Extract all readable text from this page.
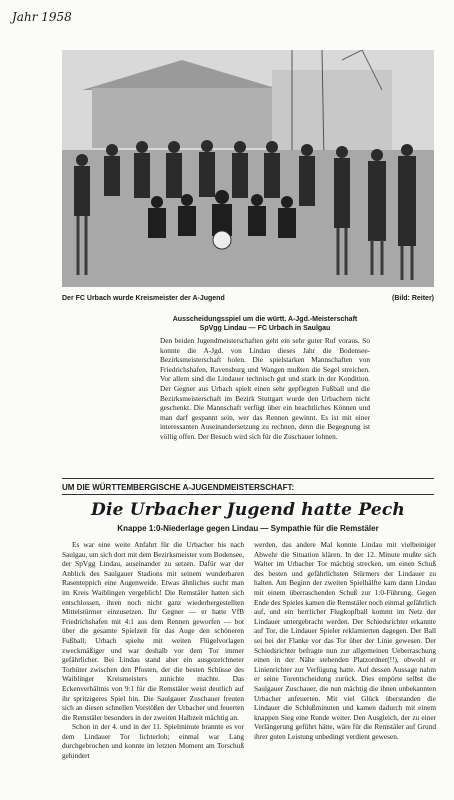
Jahr 1958
Der FC Urbach wurde Kreismeister der A-Jugend	(Bild: Reiter)
Ausscheidungsspiel um die württ. A-Jgd.-Meisterschaft
SpVgg Lindau — FC Urbach in Saulgau
Den beiden Jugendmeisterschaften geht ein sehr guter Ruf voraus. So konnte die A-Jgd. von Lindau dieses Jahr die Bodensee-Bezirksmeisterschaft holen. Die spielstarken Mannschaften von Friedrichshafen, Ravensburg und Wangen mußten die Segel streichen. Vor allem sind die Lindauer technisch gut und stark in der Kondition. Der Gegner aus Urbach spielt einen sehr gepflegten Fußball und die Bezirksmeisterschaft im Bezirk Stuttgart wurde den Urbachern nicht geschenkt. Die Mannschaft verfügt über ein beachtliches Können und man darf gespannt sein, wer das Rennen gewinnt. Es ist mit einer interessanten Auseinandersetzung zu rechnen, denn die Begegnung ist völlig offen. Der Besuch wird sich für die Zuschauer lohnen.
UM DIE WÜRTTEMBERGISCHE A-JUGENDMEISTERSCHAFT:
Die Urbacher Jugend hatte Pech
Knappe 1:0-Niederlage gegen Lindau — Sympathie für die Remstäler

Es war eine weite Anfahrt für die Urbacher bis nach Saulgau, um sich dort mit dem Bezirksmeister vom Bodensee, der SpVgg Lindau, auseinander zu setzen. Dafür war der Anblick des Saulgauer Stadions mit seinem wunderbaren Rasenteppich eine Augenweide. Etwas ähnliches sucht man im Kreis Waiblingen vergeblich! Die Remstäler hatten sich entschlossen, ihren noch nicht ganz wiederhergestellten Mittelstürmer einzusetzen. Ihr Gegner — er hatte VfB Friedrichshafen mit 4:1 aus dem Rennen geworfen — bot über die gesamte Spielzeit für das Auge den schöneren Fußball; Urbach spielte mit weiten Flügelvorlagen zweckmäßiger und war deshalb vor dem Tor immer gefährlicher. Bei Lindau stand aber ein ausgezeichneter Torhüter zwischen den Pfosten, der die besten Schüsse des Waiblinger Kreismeisters zunichte machte. Das Eckenverhältnis von 9:1 für die Remstäler weist deutlich auf ihr spritzigeres Spiel hin. Die Saulgauer Zuschauer freuten sich an diesen schnellen Vorstößen der Urbacher und feuerten die Remstäler besonders in der zweiten Halbzeit mächtig an.

Schon in der 4. und in der 11. Spielminute brannte es vor dem Lindauer Tor lichterloh; einmal war Lang durchgebrochen und konnte im letzten Moment am Torschuß gehindert

werden, das andere Mal konnte Lindau mit vielbeiniger Abwehr die Situation klären. In der 12. Minute mußte sich Walter im Urbacher Tor mächtig strecken, um einen Schuß des besten und gefährlichsten Stürmers der Lindauer zu halten. Am Beginn der zweiten Spielhälfte kam dann Lindau mit einem überraschenden Schuß zur 1:0-Führung. Gegen Ende des Spieles kamen die Remstäler noch einmal gefährlich auf, und ein herrlicher Flugkopfball kommt im Netz der Lindauer untergebracht werden. Der Schiedsrichter erkannte auf Tor, die Lindauer Spieler reklamierten dagegen. Der Ball sei bei der Flanke vor das Tor über der Linie gewesen. Der Schiedsrichter befragte nun zur allgemeinen Ueberraschung einen in der Nähe stehenden Platzordner(!!), obwohl er Linienrichter zur Verfügung hatte. Auf dessen Aussage nahm er seine Torentscheidung zurück. Dies empörte selbst die Saulgauer Zuschauer, die nun mächtig die ihnen unbekannten Urbacher anfeuerten. Mit viel Glück überstanden die Lindauer die Schlußminuten und kamen dadurch mit einem knappen Sieg eine Runde weiter. Den Ausgleich, der zu einer Verlängerung geführt hätte, wäre für die Remstäler auf Grund ihrer guten Leistung unbedingt verdient gewesen.
